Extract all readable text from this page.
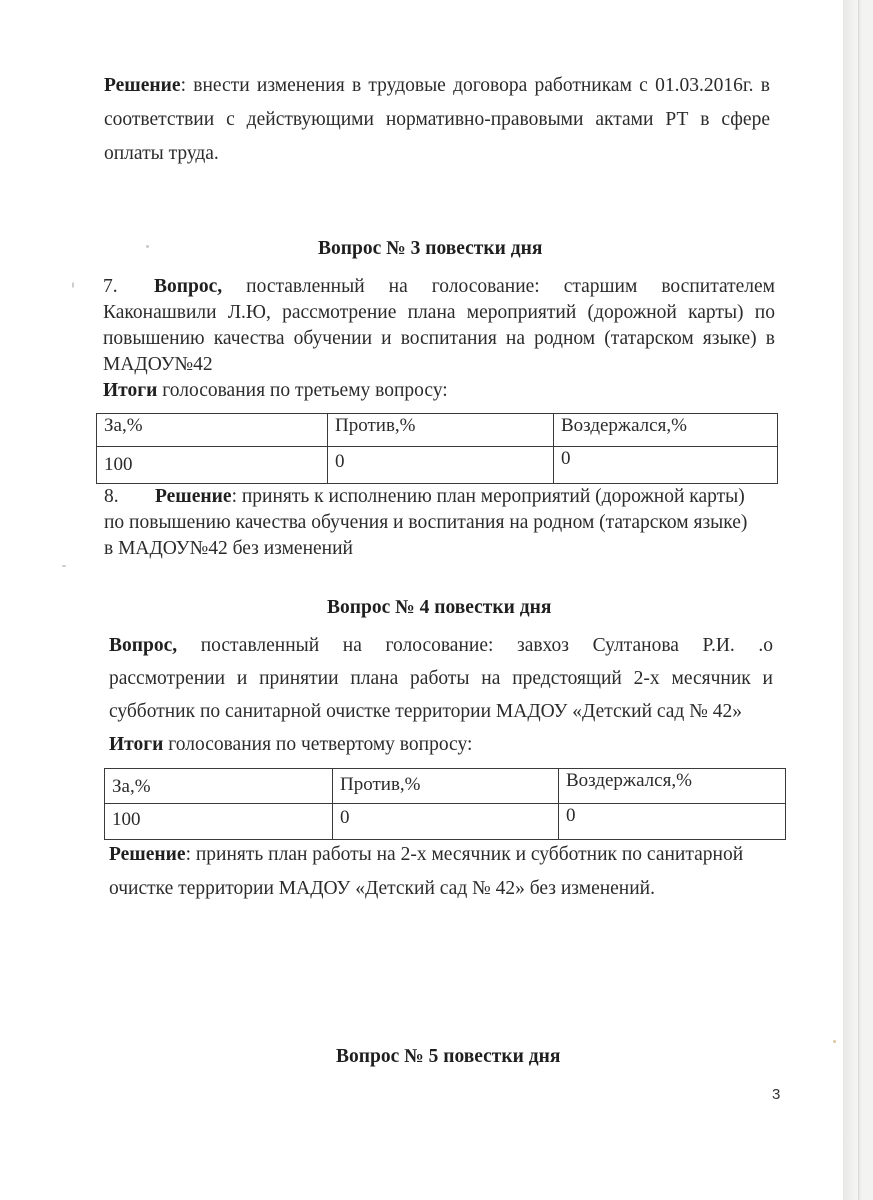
Решение: внести изменения в трудовые договора работникам с 01.03.2016г. в
соответствии с действующими нормативно-правовыми актами РТ в сфере
оплаты труда.
Вопрос № 3 повестки дня
7. Вопрос, поставленный на голосование: старшим воспитателем
Каконашвили Л.Ю, рассмотрение плана мероприятий (дорожной карты) по
повышению качества обучении и воспитания на родном (татарском языке) в
МАДОУ№42
Итоги голосования по третьему вопросу:
За,%	Против,%	Воздержался,%
100	0	0
8. Решение: принять к исполнению план мероприятий (дорожной карты)
по повышению качества обучения и воспитания на родном (татарском языке)
в МАДОУ№42 без изменений
Вопрос № 4 повестки дня
Вопрос, поставленный на голосование: завхоз Султанова Р.И. .о
рассмотрении и принятии плана работы на предстоящий 2-х месячник и
субботник по санитарной очистке территории МАДОУ «Детский сад № 42»
Итоги голосования по четвертому вопросу:
За,%	Против,%	Воздержался,%
100	0	0
Решение: принять план работы на 2-х месячник и субботник по санитарной
очистке территории МАДОУ «Детский сад № 42» без изменений.
Вопрос № 5 повестки дня
3
